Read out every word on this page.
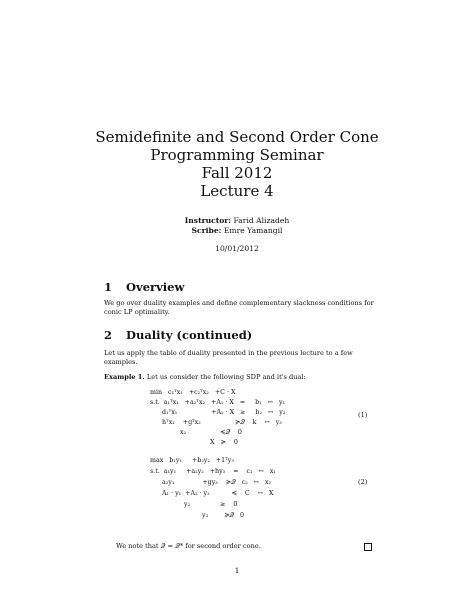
Semidefinite and Second Order Cone
Programming Seminar
Fall 2012
Lecture 4
Instructor: Farid Alizadeh
Scribe: Emre Yamangil
10/01/2012
1 Overview
We go over duality examples and define complementary slackness conditions for conic LP optimality.
2 Duality (continued)
Let us apply the table of duality presented in the previous lecture to a few examples.
Example 1. Let us consider the following SDP and it's dual:
min   c₁ᵀx₁   +c₂ᵀx₂   +C · X
s.t.  a₁ᵀx₁   +a₂ᵀx₂   +A₁ · X   =     b₁   ↔   y₁
d₁ᵀx₁                 +A₂ · X   ≥     b₂   ↔   y₂
hᵀx₁    +gᵀx₂                 ≽𝒬    k    ↔   y₃
x₂                 ≼𝒬    0
X   ≽    0
(1)
max   b₁y₁     +b₂y₂   +1ᵀy₃
s.t.  a₁y₁     +a₂y₂   +hy₃    =    c₁   ↔   x₁
a₂y₁              +gy₃    ≽𝒬   c₂   ↔   x₂
A₁ · y₁  +A₂ · y₂           ≼    C    ↔   X
y₂               ≥    0
y₃        ≽𝒬   0
(2)
We note that 𝒬 = 𝒬* for second order cone.
1
